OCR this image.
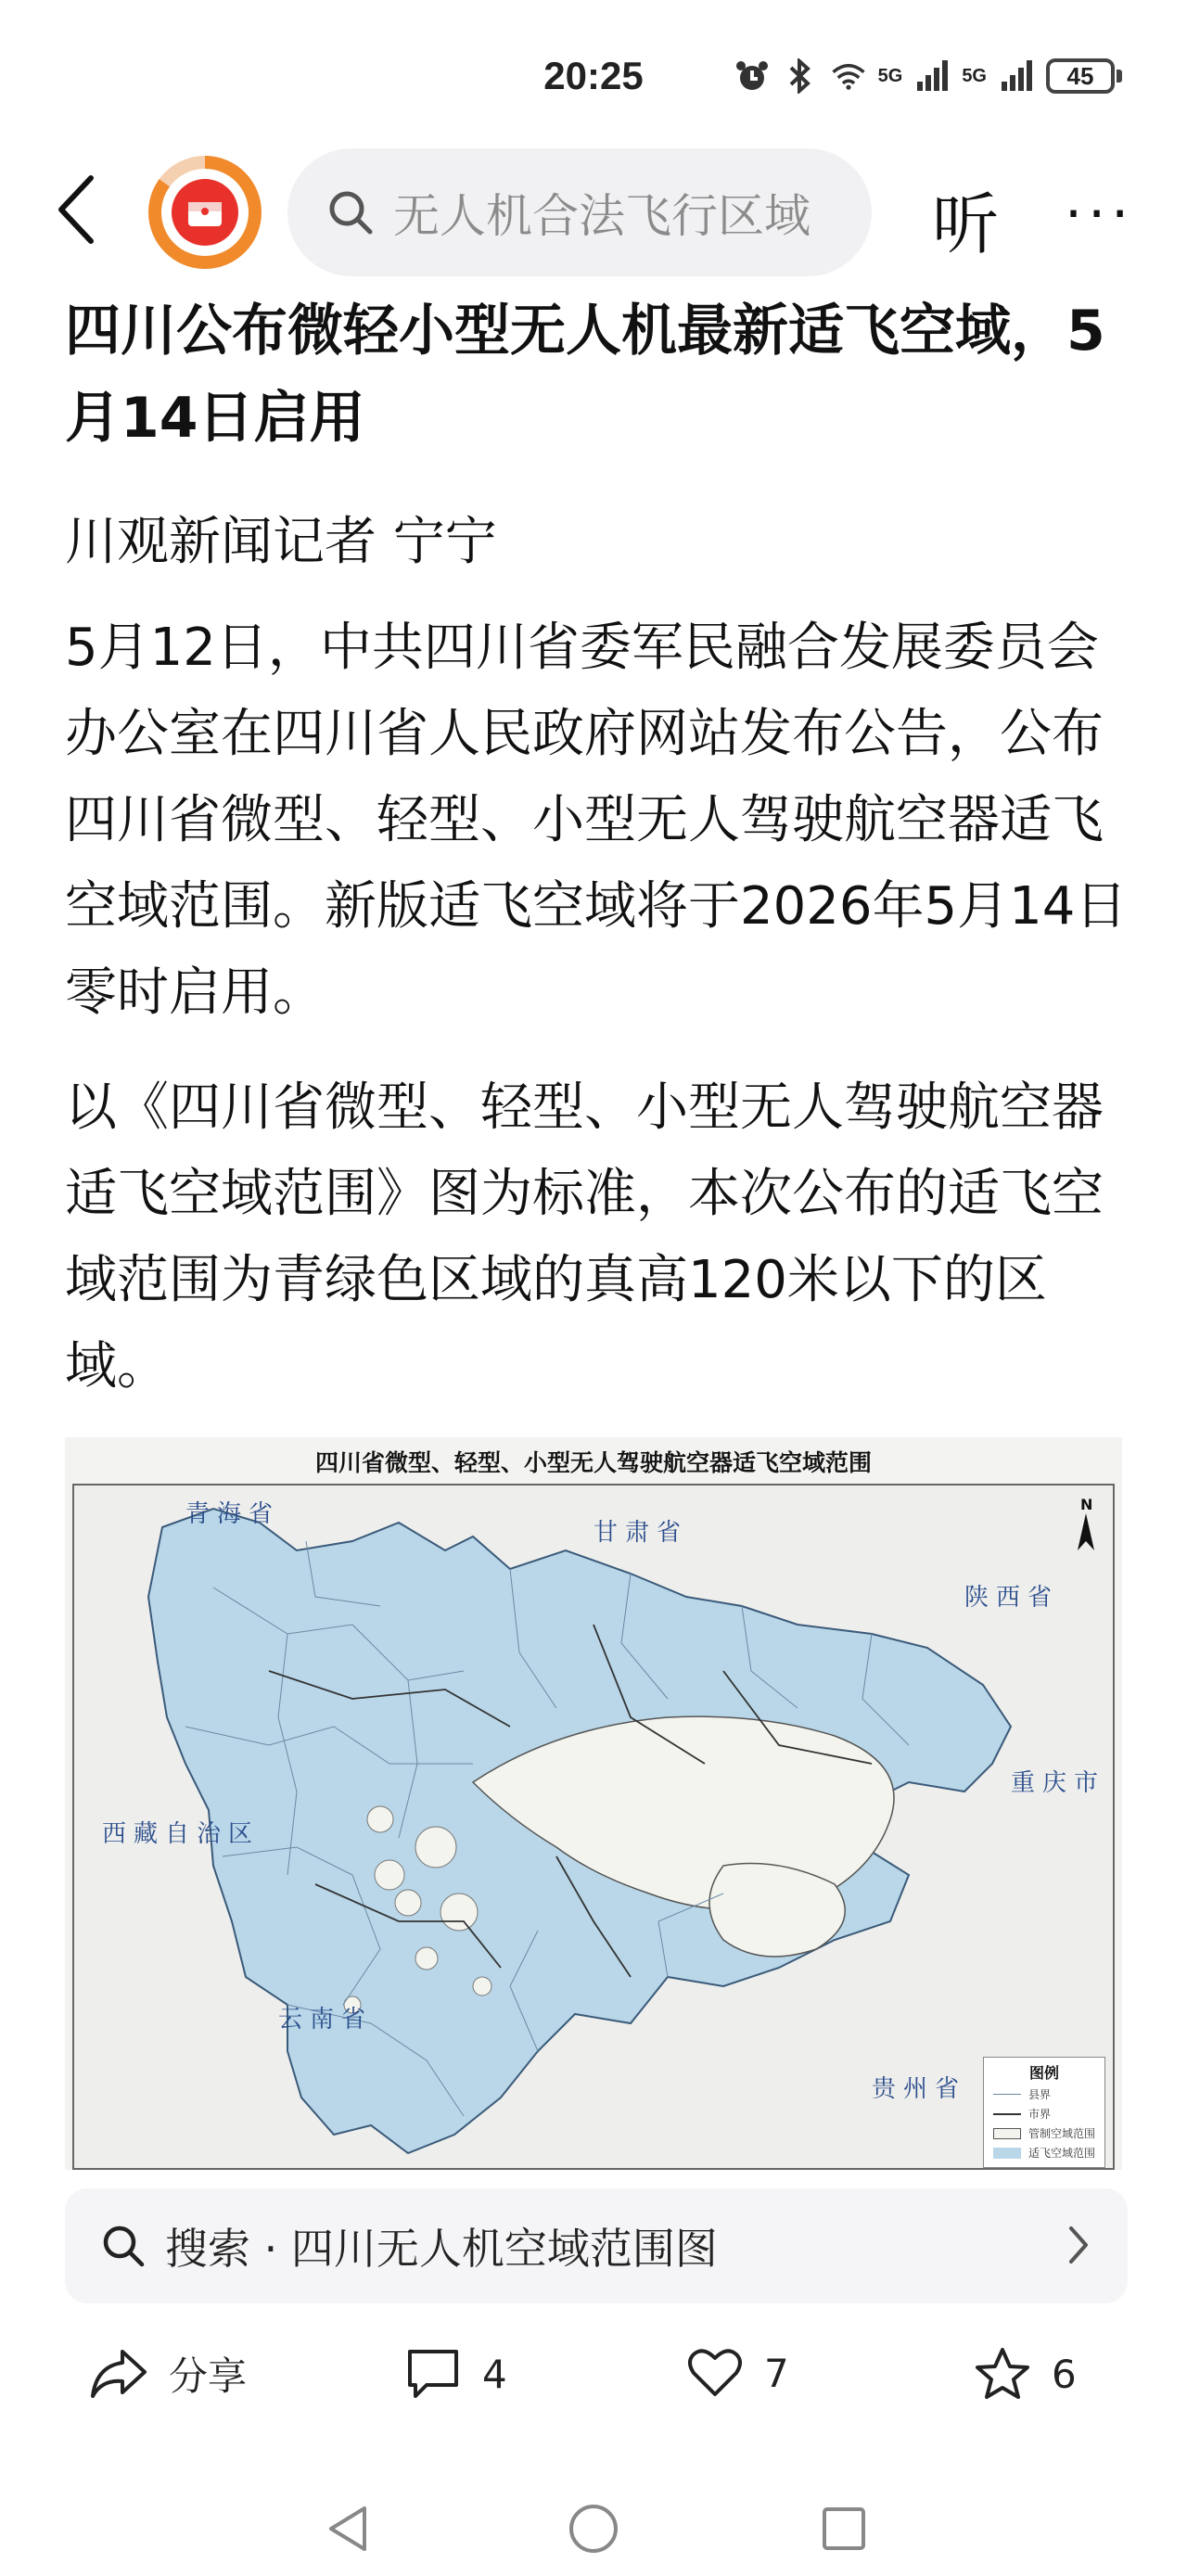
20:25	5G	5G	45
无人机合法飞行区域 听 ···
四川公布微轻小型无人机最新适飞空域，5月14日启用
川观新闻记者 宁宁
5月12日，中共四川省委军民融合发展委员会办公室在四川省人民政府网站发布公告，公布四川省微型、轻型、小型无人驾驶航空器适飞空域范围。新版适飞空域将于2026年5月14日零时启用。
以《四川省微型、轻型、小型无人驾驶航空器适飞空域范围》图为标准，本次公布的适飞空域范围为青绿色区域的真高120米以下的区域。
四川省微型、轻型、小型无人驾驶航空器适飞空域范围
青海省
甘肃省
陕西省
重庆市
西藏自治区
云南省
贵州省
N
图例
县界
市界
管制空域范围
适飞空域范围
搜索 · 四川无人机空域范围图
分享	4	7	6
